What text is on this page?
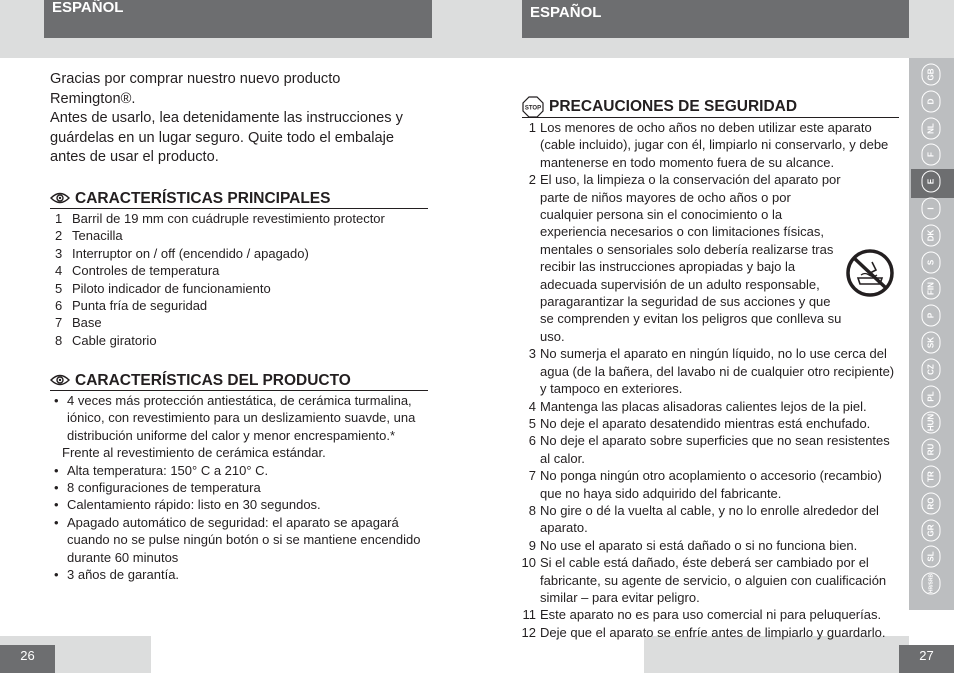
ESPAÑOL	ESPAÑOL
GB
D
NL
F
E
I
DK
S
FIN
P
SK
CZ
PL
HUN
RU
TR
RO
GR
SL
HR/SRB
26	27

Gracias por comprar nuestro nuevo producto Remington®.

Antes de usarlo, lea detenidamente las instrucciones y guárdelas en un lugar seguro. Quite todo el embalaje antes de usar el producto.

CARACTERÍSTICAS PRINCIPALES
1 Barril de 19 mm con cuádruple revestimiento protector
2 Tenacilla
3 Interruptor on / off (encendido / apagado)
4 Controles de temperatura
5 Piloto indicador de funcionamiento
6 Punta fría de seguridad
7 Base
8 Cable giratorio
CARACTERÍSTICAS DEL PRODUCTO
• 4 veces más protección antiestática, de cerámica turmalina, iónico, con revestimiento para un deslizamiento suavde, una distribución uniforme del calor y menor encrespamiento.*
Frente al revestimiento de cerámica estándar.
• Alta temperatura: 150° C a 210° C.
• 8 configuraciones de temperatura
• Calentamiento rápido: listo en 30 segundos.
• Apagado automático de seguridad: el aparato se apagará cuando no se pulse ningún botón o si se mantiene encendido durante 60 minutos
• 3 años de garantía.
STOP PRECAUCIONES DE SEGURIDAD
1 Los menores de ocho años no deben utilizar este aparato (cable incluido), jugar con él, limpiarlo ni conservarlo, y debe mantenerse en todo momento fuera de su alcance.
2 El uso, la limpieza o la conservación del aparato por parte de niños mayores de ocho años o por cualquier persona sin el conocimiento o la experiencia necesarios o con limitaciones físicas, mentales o sensoriales solo debería realizarse tras recibir las instrucciones apropiadas y bajo la adecuada supervisión de un adulto responsable, paragarantizar la seguridad de sus acciones y que se comprenden y evitan los peligros que conlleva su uso.
3 No sumerja el aparato en ningún líquido, no lo use cerca del agua (de la bañera, del lavabo ni de cualquier otro recipiente) y tampoco en exteriores.
4 Mantenga las placas alisadoras calientes lejos de la piel.
5 No deje el aparato desatendido mientras está enchufado.
6 No deje el aparato sobre superficies que no sean resistentes al calor.
7 No ponga ningún otro acoplamiento o accesorio (recambio) que no haya sido adquirido del fabricante.
8 No gire o dé la vuelta al cable, y no lo enrolle alrededor del aparato.
9 No use el aparato si está dañado o si no funciona bien.
10 Si el cable está dañado, éste deberá ser cambiado por el fabricante, su agente de servicio, o alguien con cualificación similar – para evitar peligro.
11 Este aparato no es para uso comercial ni para peluquerías.
12 Deje que el aparato se enfríe antes de limpiarlo y guardarlo.
